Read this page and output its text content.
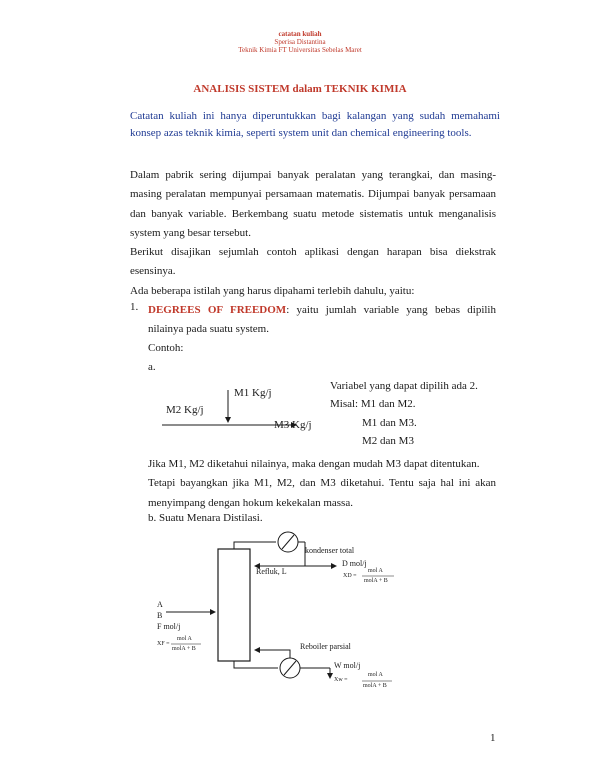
catatan kuliah
Sperisa Distantina
Teknik Kimia FT Universitas Sebelas Maret
ANALISIS SISTEM dalam TEKNIK KIMIA
Catatan kuliah ini hanya diperuntukkan bagi kalangan yang sudah memahami konsep azas teknik kimia, seperti system unit dan chemical engineering tools.

Dalam pabrik sering dijumpai banyak peralatan yang terangkai, dan masing-masing peralatan mempunyai persamaan matematis. Dijumpai banyak persamaan dan banyak variable. Berkembang suatu metode sistematis untuk menganalisis system yang besar tersebut.

Berikut disajikan sejumlah contoh aplikasi dengan harapan bisa diekstrak esensinya.

Ada beberapa istilah yang harus dipahami terlebih dahulu, yaitu:

1. DEGREES OF FREEDOM: yaitu jumlah variable yang bebas dipilih nilainya pada suatu system.
Contoh:
a.
M1 Kg/j
M2 Kg/j
M3 Kg/j
Variabel yang dapat dipilih ada 2.
Misal: M1 dan M2.
M1 dan M3.
M2 dan M3

Jika M1, M2 diketahui nilainya, maka dengan mudah M3 dapat ditentukan.

Tetapi bayangkan jika M1, M2, dan M3 diketahui. Tentu saja hal ini akan menyimpang dengan hokum kekekalan massa.

b. Suatu Menara Distilasi.
kondenser total
Refluk, L
D mol/j
XD =
mol A
molA + B
A
B
F mol/j
XF =
mol A
molA + B	Reboiler parsial
W mol/j
Xw =
mol A
molA + B
1
